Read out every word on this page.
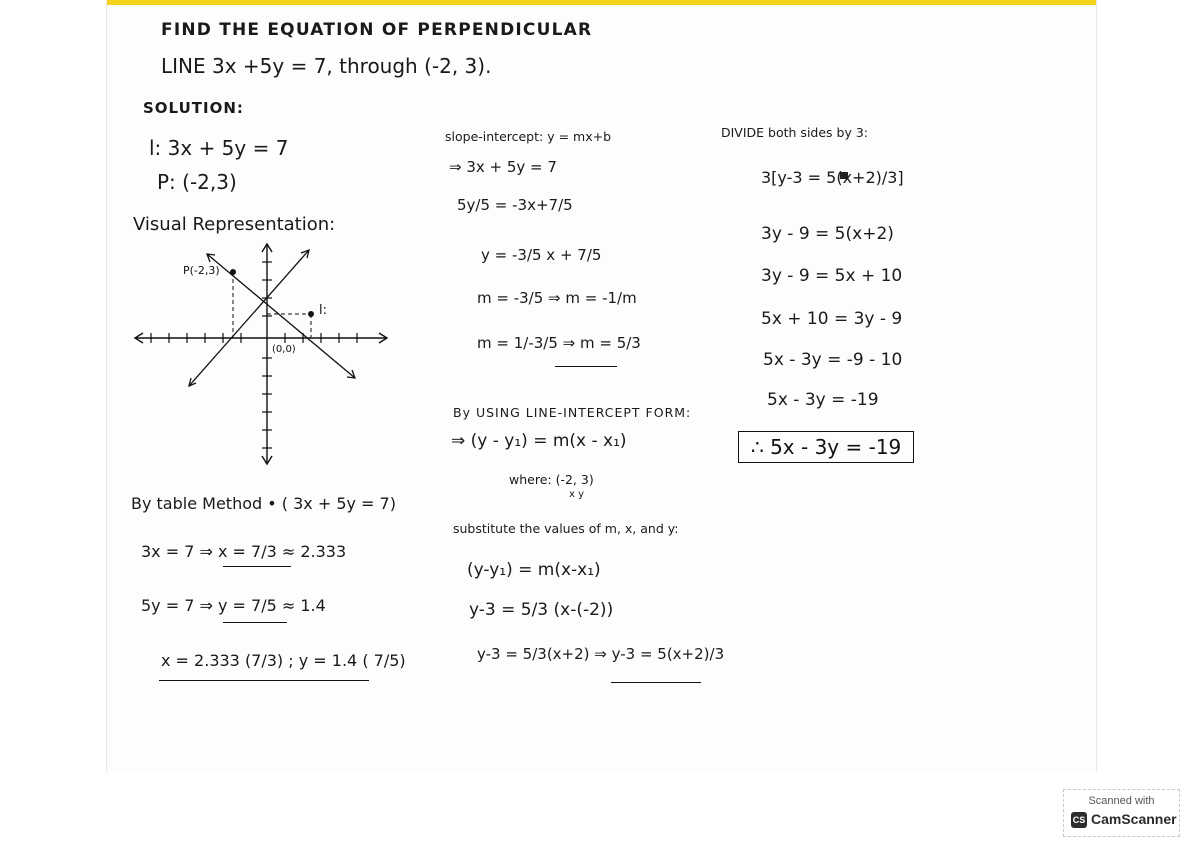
FIND THE EQUATION OF PERPENDICULAR
LINE 3x +5y = 7, through (-2, 3).
SOLUTION:
l: 3x + 5y = 7
P: (-2,3)
Visual Representation:
P(-2,3)
l:
(0,0)
By table Method • ( 3x + 5y = 7)
3x = 7 ⇒ x = 7/3 ≈ 2.333
5y = 7 ⇒ y = 7/5 ≈ 1.4
x = 2.333 (7/3) ; y = 1.4 ( 7/5)
slope-intercept: y = mx+b
⇒ 3x + 5y = 7
5y/5 = -3x+7/5
y = -3/5 x + 7/5
m = -3/5 ⇒ m = -1/m
m = 1/-3/5 ⇒ m = 5/3
By USING LINE-INTERCEPT FORM:
⇒ (y - y₁) = m(x - x₁)
where: (-2, 3)
x y
substitute the values of m, x, and y:
(y-y₁) = m(x-x₁)
y-3 = 5/3 (x-(-2))
y-3 = 5/3(x+2) ⇒ y-3 = 5(x+2)/3
DIVIDE both sides by 3:
3[y-3 = 5(x+2)/3]
3y - 9 = 5(x+2)
3y - 9 = 5x + 10
5x + 10 = 3y - 9
5x - 3y = -9 - 10
5x - 3y = -19
∴ 5x - 3y = -19
Scanned with
CS CamScanner
